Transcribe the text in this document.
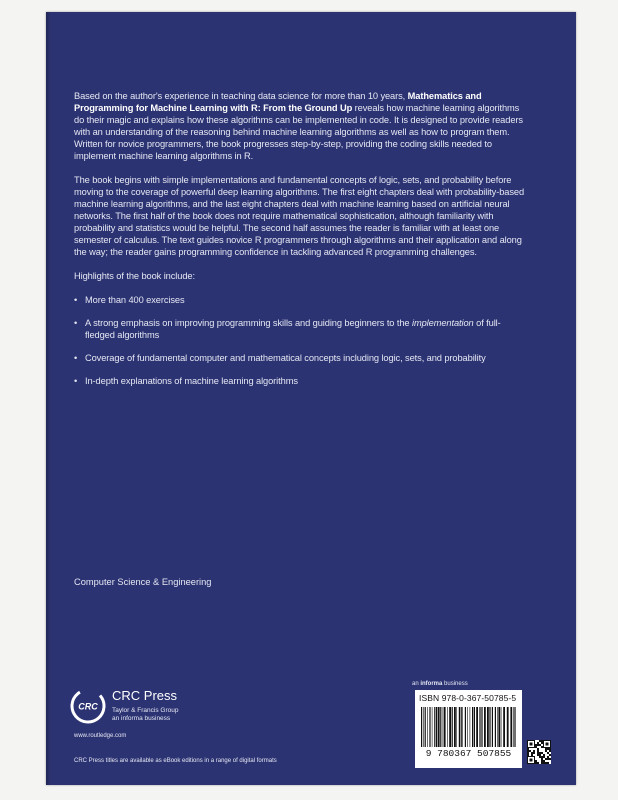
Based on the author's experience in teaching data science for more than 10 years, Mathematics and Programming for Machine Learning with R: From the Ground Up reveals how machine learning algorithms do their magic and explains how these algorithms can be implemented in code. It is designed to provide readers with an understanding of the reasoning behind machine learning algorithms as well as how to program them. Written for novice programmers, the book progresses step-by-step, providing the coding skills needed to implement machine learning algorithms in R.

The book begins with simple implementations and fundamental concepts of logic, sets, and probability before moving to the coverage of powerful deep learning algorithms. The first eight chapters deal with probability-based machine learning algorithms, and the last eight chapters deal with machine learning based on artificial neural networks. The first half of the book does not require mathematical sophistication, although familiarity with probability and statistics would be helpful. The second half assumes the reader is familiar with at least one semester of calculus. The text guides novice R programmers through algorithms and their application and along the way; the reader gains programming confidence in tackling advanced R programming challenges.

Highlights of the book include:

• More than 400 exercises
• A strong emphasis on improving programming skills and guiding beginners to the implementation of full-fledged algorithms
• Coverage of fundamental computer and mathematical concepts including logic, sets, and probability
• In-depth explanations of machine learning algorithms
Computer Science & Engineering
CRC
CRC Press
Taylor & Francis Group
an informa business
www.routledge.com
CRC Press titles are available as eBook editions in a range of digital formats
an informa business
ISBN 978-0-367-50785-5
9 780367 507855
